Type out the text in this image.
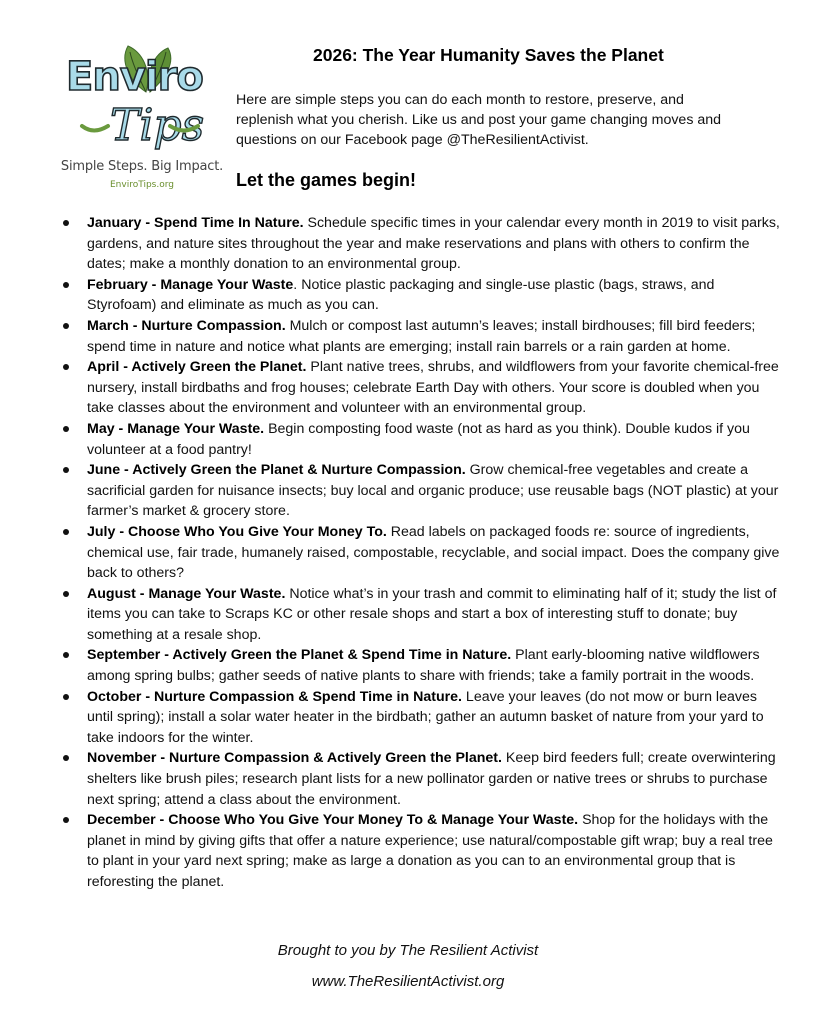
Enviro
Tips
Simple Steps. Big Impact.
EnviroTips.org
2026: The Year Humanity Saves the Planet
Here are simple steps you can do each month to restore, preserve, and replenish what you cherish. Like us and post your game changing moves and questions on our Facebook page @TheResilientActivist.
Let the games begin!
January - Spend Time In Nature. Schedule specific times in your calendar every month in 2019 to visit parks, gardens, and nature sites throughout the year and make reservations and plans with others to confirm the dates; make a monthly donation to an environmental group.
February - Manage Your Waste. Notice plastic packaging and single-use plastic (bags, straws, and Styrofoam) and eliminate as much as you can.
March - Nurture Compassion. Mulch or compost last autumn’s leaves; install birdhouses; fill bird feeders; spend time in nature and notice what plants are emerging; install rain barrels or a rain garden at home.
April - Actively Green the Planet. Plant native trees, shrubs, and wildflowers from your favorite chemical-free nursery, install birdbaths and frog houses; celebrate Earth Day with others. Your score is doubled when you take classes about the environment and volunteer with an environmental group.
May - Manage Your Waste. Begin composting food waste (not as hard as you think). Double kudos if you volunteer at a food pantry!
June - Actively Green the Planet & Nurture Compassion. Grow chemical-free vegetables and create a sacrificial garden for nuisance insects; buy local and organic produce; use reusable bags (NOT plastic) at your farmer’s market & grocery store.
July - Choose Who You Give Your Money To. Read labels on packaged foods re: source of ingredients, chemical use, fair trade, humanely raised, compostable, recyclable, and social impact. Does the company give back to others?
August - Manage Your Waste. Notice what’s in your trash and commit to eliminating half of it; study the list of items you can take to Scraps KC or other resale shops and start a box of interesting stuff to donate; buy something at a resale shop.
September - Actively Green the Planet & Spend Time in Nature. Plant early-blooming native wildflowers among spring bulbs; gather seeds of native plants to share with friends; take a family portrait in the woods.
October - Nurture Compassion & Spend Time in Nature. Leave your leaves (do not mow or burn leaves until spring); install a solar water heater in the birdbath; gather an autumn basket of nature from your yard to take indoors for the winter.
November - Nurture Compassion & Actively Green the Planet. Keep bird feeders full; create overwintering shelters like brush piles; research plant lists for a new pollinator garden or native trees or shrubs to purchase next spring; attend a class about the environment.
December - Choose Who You Give Your Money To & Manage Your Waste. Shop for the holidays with the planet in mind by giving gifts that offer a nature experience; use natural/compostable gift wrap; buy a real tree to plant in your yard next spring; make as large a donation as you can to an environmental group that is reforesting the planet.
Brought to you by The Resilient Activist
www.TheResilientActivist.org
